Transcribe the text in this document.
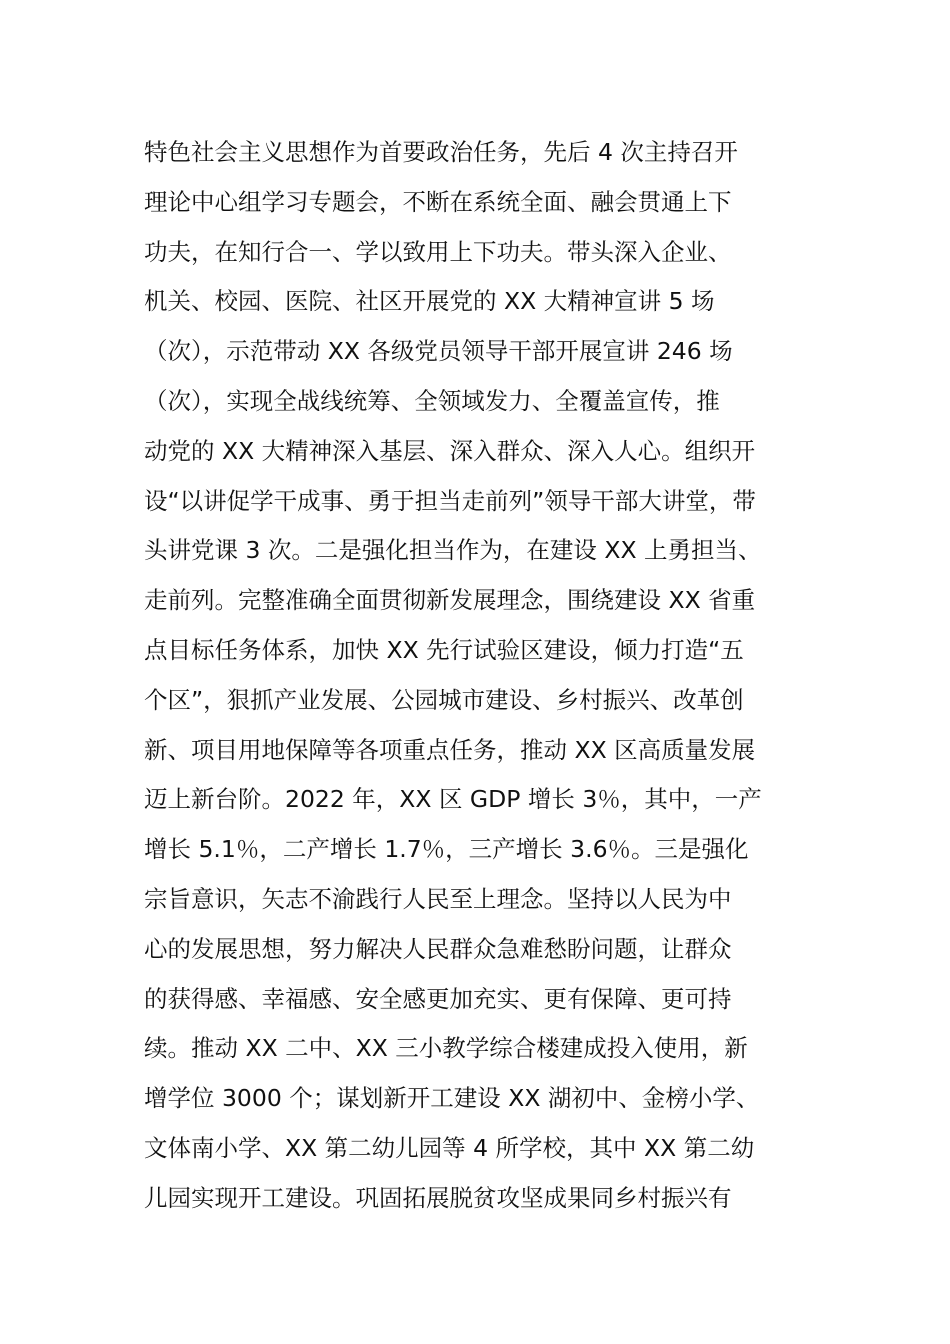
特色社会主义思想作为首要政治任务，先后 4 次主持召开
理论中心组学习专题会，不断在系统全面、融会贯通上下
功夫，在知行合一、学以致用上下功夫。带头深入企业、
机关、校园、医院、社区开展党的 XX 大精神宣讲 5 场
（次），示范带动 XX 各级党员领导干部开展宣讲 246 场
（次），实现全战线统筹、全领域发力、全覆盖宣传，推
动党的 XX 大精神深入基层、深入群众、深入人心。组织开
设“以讲促学干成事、勇于担当走前列”领导干部大讲堂，带
头讲党课 3 次。二是强化担当作为，在建设 XX 上勇担当、
走前列。完整准确全面贯彻新发展理念，围绕建设 XX 省重
点目标任务体系，加快 XX 先行试验区建设，倾力打造“五
个区”，狠抓产业发展、公园城市建设、乡村振兴、改革创
新、项目用地保障等各项重点任务，推动 XX 区高质量发展
迈上新台阶。2022 年，XX 区 GDP 增长 3％，其中，一产
增长 5.1％，二产增长 1.7％，三产增长 3.6％。三是强化
宗旨意识，矢志不渝践行人民至上理念。坚持以人民为中
心的发展思想，努力解决人民群众急难愁盼问题，让群众
的获得感、幸福感、安全感更加充实、更有保障、更可持
续。推动 XX 二中、XX 三小教学综合楼建成投入使用，新
增学位 3000 个；谋划新开工建设 XX 湖初中、金榜小学、
文体南小学、XX 第二幼儿园等 4 所学校，其中 XX 第二幼
儿园实现开工建设。巩固拓展脱贫攻坚成果同乡村振兴有
